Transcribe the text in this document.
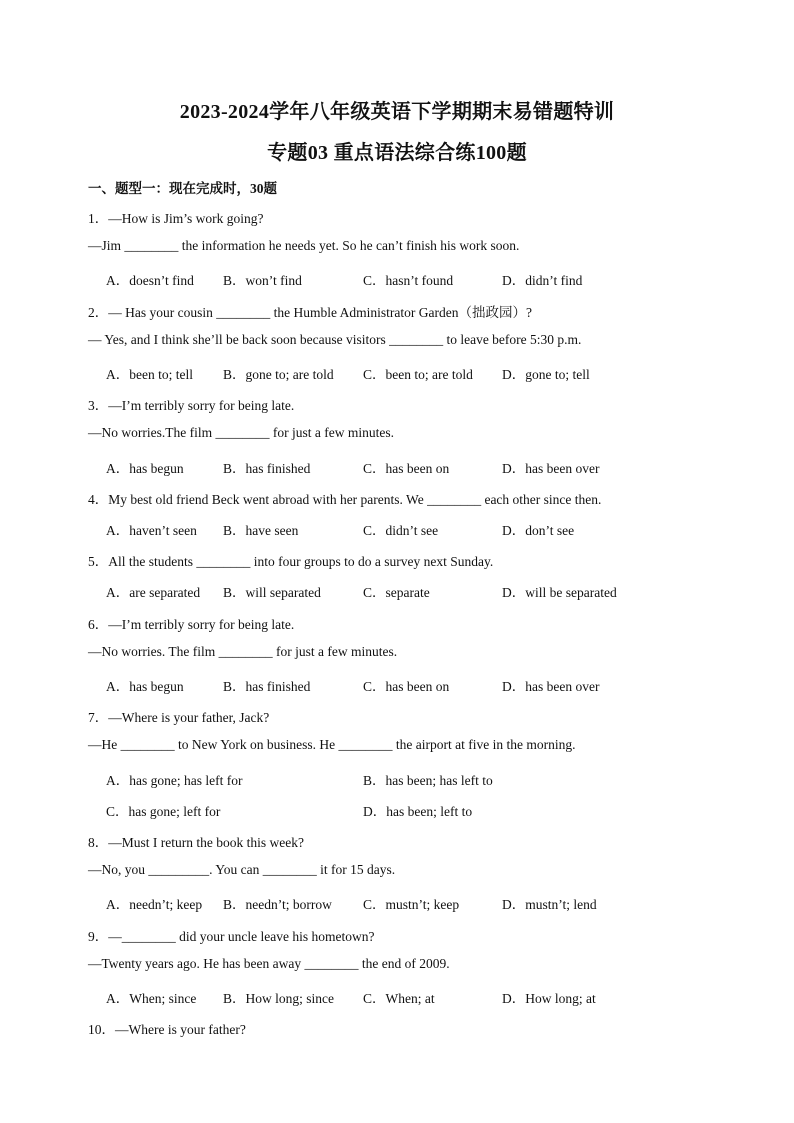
2023-2024学年八年级英语下学期期末易错题特训
专题03 重点语法综合练100题
一、题型一：现在完成时，30题
1．—How is Jim’s work going?
—Jim ________ the information he needs yet. So he can’t finish his work soon.
A．doesn’t find B．won’t find	C．hasn’t found	D．didn’t find
2．— Has your cousin ________ the Humble Administrator Garden（拙政园）?
— Yes, and I think she’ll be back soon because visitors ________ to leave before 5:30 p.m.
A．been to; tell B．gone to; are told C．been to; are told D．gone to; tell
3．—I’m terribly sorry for being late.
—No worries.The film ________ for just a few minutes.
A．has begun	B．has finished	C．has been on	D．has been over
4．My best old friend Beck went abroad with her parents. We ________ each other since then.
A．haven’t seen B．have seen	C．didn’t see	D．don’t see
5．All the students ________ into four groups to do a survey next Sunday.
A．are separated B．will separated	C．separate	D．will be separated
6．—I’m terribly sorry for being late.
—No worries. The film ________ for just a few minutes.
A．has begun	B．has finished	C．has been on	D．has been over
7．—Where is your father, Jack?
—He ________ to New York on business. He ________ the airport at five in the morning.
A．has gone; has left for	B．has been; has left to
C．has gone; left for	D．has been; left to
8．—Must I return the book this week?
—No, you _________. You can ________ it for 15 days.
A．needn’t; keep B．needn’t; borrow C．mustn’t; keep	D．mustn’t; lend
9．—________ did your uncle leave his hometown?
—Twenty years ago. He has been away ________ the end of 2009.
A．When; since B．How long; since C．When; at	D．How long; at
10．—Where is your father?
